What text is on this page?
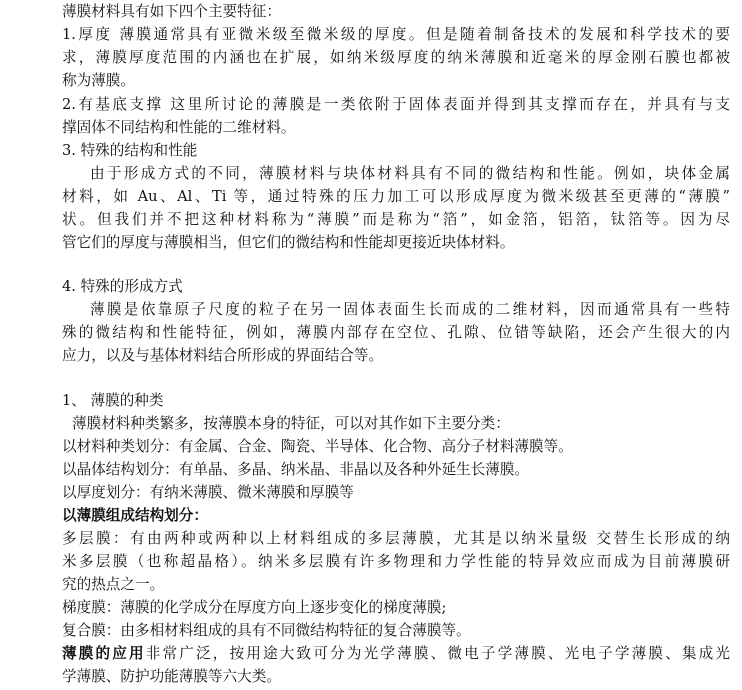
薄膜材料具有如下四个主要特征：
1.厚度 薄膜通常具有亚微米级至微米级的厚度。但是随着制备技术的发展和科学技术的要
求，薄膜厚度范围的内涵也在扩展，如纳米级厚度的纳米薄膜和近毫米的厚金刚石膜也都被
称为薄膜。
2.有基底支撑 这里所讨论的薄膜是一类依附于固体表面并得到其支撑而存在，并具有与支
撑固体不同结构和性能的二维材料。
3. 特殊的结构和性能
由于形成方式的不同，薄膜材料与块体材料具有不同的微结构和性能。例如，块体金属
材料，如 Au、Al、Ti 等，通过特殊的压力加工可以形成厚度为微米级甚至更薄的“薄膜”
状。但我们并不把这种材料称为“薄膜”而是称为“箔”，如金箔，铝箔，钛箔等。因为尽
管它们的厚度与薄膜相当，但它们的微结构和性能却更接近块体材料。
4. 特殊的形成方式
薄膜是依靠原子尺度的粒子在另一固体表面生长而成的二维材料，因而通常具有一些特
殊的微结构和性能特征，例如，薄膜内部存在空位、孔隙、位错等缺陷，还会产生很大的内
应力，以及与基体材料结合所形成的界面结合等。
1、 薄膜的种类
薄膜材料种类繁多，按薄膜本身的特征，可以对其作如下主要分类：
以材料种类划分：有金属、合金、陶瓷、半导体、化合物、高分子材料薄膜等。
以晶体结构划分：有单晶、多晶、纳米晶、非晶以及各种外延生长薄膜。
以厚度划分：有纳米薄膜、微米薄膜和厚膜等
以薄膜组成结构划分：
多层膜：有由两种或两种以上材料组成的多层薄膜，尤其是以纳米量级 交替生长形成的纳
米多层膜（也称超晶格）。纳米多层膜有许多物理和力学性能的特异效应而成为目前薄膜研
究的热点之一。
梯度膜：薄膜的化学成分在厚度方向上逐步变化的梯度薄膜;
复合膜：由多相材料组成的具有不同微结构特征的复合薄膜等。
薄膜的应用非常广泛，按用途大致可分为光学薄膜、微电子学薄膜、光电子学薄膜、集成光
学薄膜、防护功能薄膜等六大类。
